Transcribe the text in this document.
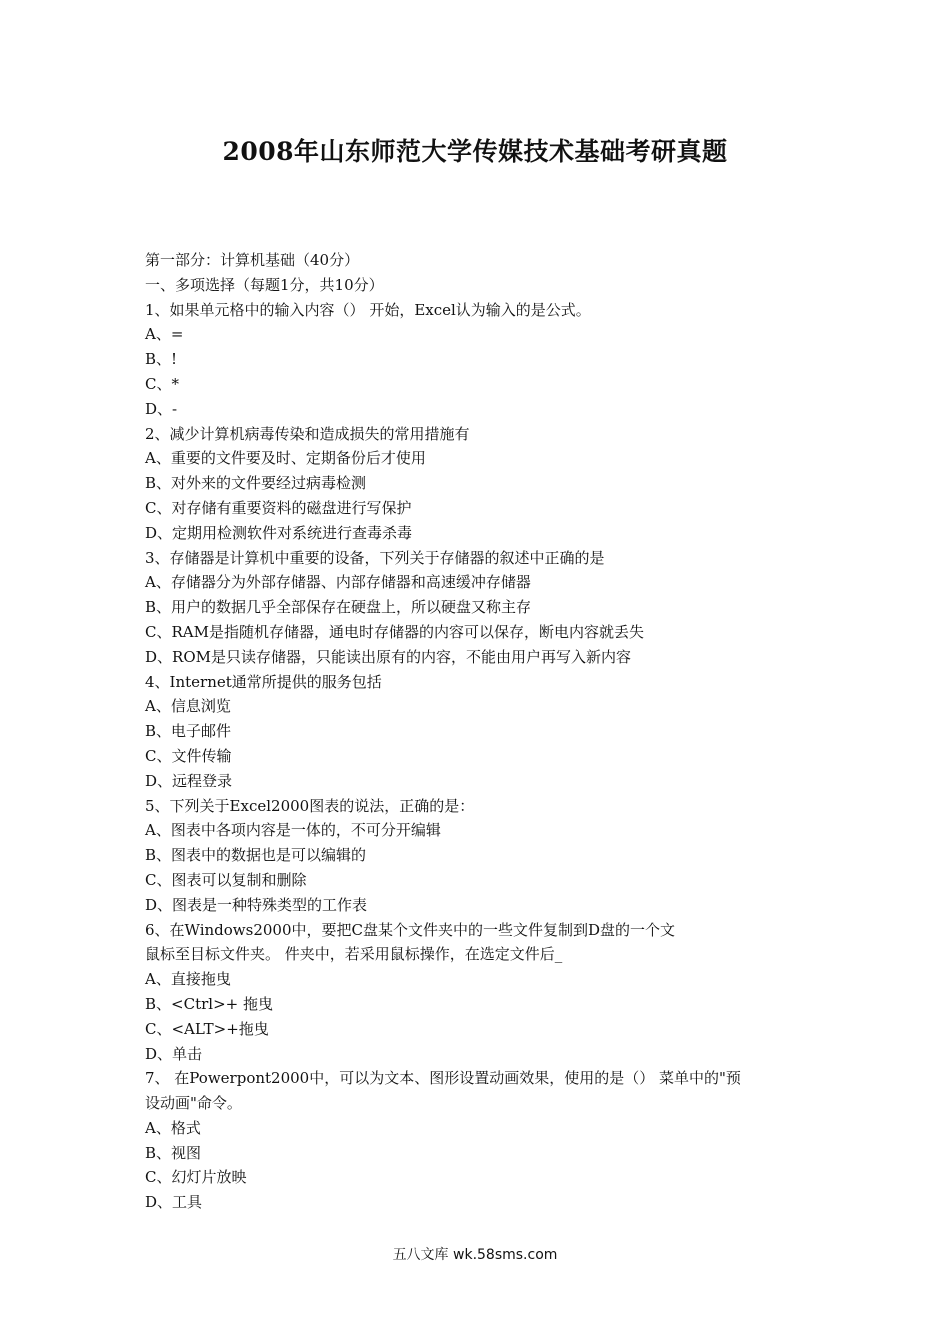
2008年山东师范大学传媒技术基础考研真题
第一部分：计算机基础（40分）
一、多项选择（每题1分，共10分）
1、如果单元格中的输入内容（） 开始，Excel认为输入的是公式。
A、=
B、!
C、*
D、-
2、减少计算机病毒传染和造成损失的常用措施有
A、重要的文件要及时、定期备份后才使用
B、对外来的文件要经过病毒检测
C、对存储有重要资料的磁盘进行写保护
D、定期用检测软件对系统进行查毒杀毒
3、存储器是计算机中重要的设备，下列关于存储器的叙述中正确的是
A、存储器分为外部存储器、内部存储器和高速缓冲存储器
B、用户的数据几乎全部保存在硬盘上，所以硬盘又称主存
C、RAM是指随机存储器，通电时存储器的内容可以保存，断电内容就丢失
D、ROM是只读存储器，只能读出原有的内容，不能由用户再写入新内容
4、Internet通常所提供的服务包括
A、信息浏览
B、电子邮件
C、文件传输
D、远程登录
5、下列关于Excel2000图表的说法，正确的是：
A、图表中各项内容是一体的，不可分开编辑
B、图表中的数据也是可以编辑的
C、图表可以复制和删除
D、图表是一种特殊类型的工作表
6、在Windows2000中，要把C盘某个文件夹中的一些文件复制到D盘的一个文
鼠标至目标文件夹。 件夹中，若采用鼠标操作，在选定文件后_
A、直接拖曳
B、<Ctrl>+ 拖曳
C、<ALT>+拖曳
D、单击
7、 在Powerpont2000中，可以为文本、图形设置动画效果，使用的是（） 菜单中的"预
设动画"命令。
A、格式
B、视图
C、幻灯片放映
D、工具
五八文库 wk.58sms.com
